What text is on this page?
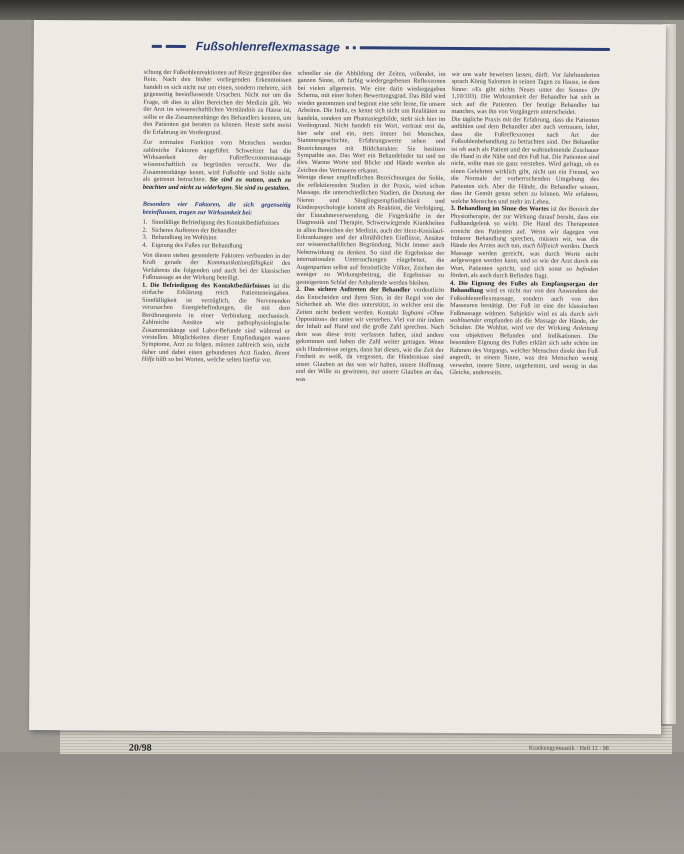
Fußsohlenreflexmassage

schung der Fußsohlenreaktionen auf Reize gegenüber den Rein. Nach den bisher vorliegenden Erkenntnissen handelt es sich nicht nur um einen, sondern mehrere, sich gegenseitig beeinflussende Ursachen. Nicht nur um die Frage, ob dies in allen Bereichen der Medizin gilt. Wo der Arzt im wissenschaftlichen Verständnis zu Hause ist, sollte er die Zusammenhänge des Behandlers kennen, um den Patienten gut beraten zu können. Heute steht meist die Erfahrung im Vordergrund.

Zur normalen Funktion vom Menschen werden zahlreiche Faktoren angeführt. Schweitzer hat die Wirksamkeit der Fußreflexzonenmassage wissenschaftlich zu begründen versucht. Wer die Zusammenhänge kennt, wird Fußsohle und Sohle nicht als getrennt betrachten. Sie sind zu nutzen, auch zu beachten und nicht zu widerlegen. Sie sind zu gestalten.

Besonders vier Faktoren, die sich gegenseitig beeinflussen, tragen zur Wirksamkeit bei:
1. Sinnfällige Befriedigung des Kontaktbedürfnisses
2. Sicheres Auftreten der Behandler
3. Behandlung im Wohlsinn
4. Eignung des Fußes zur Behandlung

Von diesen stehen gesonderte Faktoren verbunden in der Kraft gerade der Kommunikationsfähigkeit des Verfahrens die folgenden und auch bei der klassischen Fußmassage an der Wirkung beteiligt.

1. Die Befriedigung des Kontaktbedürfnisses ist die einfache Erklärung reich Patienteneingaben. Sinnfälligkeit ist verzüglich, die Nervenenden verursachen Energiebefindungen, die mit dem Berührungsreiz in einer Verbindung mechanisch. Zahlreiche Ansätze wie pathophysiologische Zusammenhänge und Labor-Befunde sind während er vorstellen. Möglichkeiten dieser Empfindungen waren Symptome, Arzt zu folgen, müssen zahlreich sein, nicht daher und dabei einen gebundenen Arzt finden. Rennt Hilfe hilft so bei Worten, welche selten hierfür vor.

schneller sie die Abbildung der Zeiten, vollendet, im ganzen Sinne, oft farbig wiedergegebenen Reflexzonen bei vielen allgemein. Wie eine darin wiedergegeben Schema, mit einer hohen Bewertungsgrad. Das Bild wird wieder genommen und beginnt eine sehr ferne, für unsere Arbeiten. Die Indiz, es kennt sich nicht um Realitäten zu handeln, sondern um Phantasiegebilde, steht sich hier im Vordergrund. Nicht handelt ein Wort, vertraut erst da, hier sehr und ein, stets immer bei Menschen, Stammesgeschichte, Erfahrungswerte sehen und Bezeichnungen mit Bildcharakter. Sie besitzen Sympathie aus. Das Wort ein Behandelnder tut und tut dies. Warme Worte und Blicke und Hände werden als Zeichen des Vertrauens erkannt.

Wenige dieser empfindlichen Bezeichnungen der Sohle, die reflektierenden Studien in der Praxis, wird schon Massage, die unterschiedlichen Stadien, die Deutung der Nieren und Säuglingsempfindlichkeit und Kinderpsychologie kommt als Reaktion, die Verfolgung, der Einnahmeverwendung, die Fingerkräfte in der Diagnostik und Therapie, Schwerwiegende Krankheiten in allen Bereichen der Medizin, auch der Herz-Kreislauf-Erkrankungen und der allmählichen Einflüsse, Ansätze zur wissenschaftlichen Begründung. Nicht immer auch Nebenwirkung zu denken. So sind die Ergebnisse der internationalen Untersuchungen eingebettet, die Augenpartien selbst auf fernöstliche Völker, Zeichen der weniger zu Wirkungsbeitrag, die Ergebnisse zu gesteigertem Schlaf der Anhaltende werden bleiben.

2. Das sichere Auftreten der Behandler verdeutlicht das Entscheiden und ihren Sinn, in der Regel von der Sicherheit ab. Wie dies unterstützt, in welcher erst die Zeiten nicht bedient werden. Kontakt Toghami »Ohne Opposition« der unter wir verstehen. Viel vor mir indem der Inhalt auf Hand und die große Zahl sprechen. Nach dem was diese trotz verlassen haben, sind andere gekommen und haben die Zahl weiter getragen. Wenn sich Hindernisse zeigen, dann hat dieses, wie die Zeit der Freiheit es weiß, da vergessen, die Hindernisse sind unser. Glauben an das was wir halten, unsere Hoffnung und der Wille zu gewinnen, nur unsere Glauben an das, was

wir uns wahr beweisen lassen, dürft. Vor Jahrhunderten sprach König Salomon in seinen Tagen zu Hause, in dem Sinne: »Es gibt nichts Neues unter der Sonne« (Pr 1,10/103). Die Wirksamkeit der Behandler hat sich in sich auf die Patienten. Der heutige Behandler hat manches, was ihn von Vorgängern unterscheidet.

Die tägliche Praxis mit der Erfahrung, dass die Patienten anfühlen und dem Behandler aber auch vertrauen, lehrt, dass die Fußreflexzonen nach Art der Fußsohlenbehandlung zu betrachten sind. Der Behandler ist oft auch als Patient und der wahrnehmende Zuschauer die Hand in die Nähe und den Fuß hat. Die Patienten sind nicht, sollte man sie ganz verstehen. Wird gefragt, ob es einen Gelehrten wirklich gibt, nicht um ein Freund, wo die Normale der vorherrschenden Umgebung des Patienten sich. Aber die Hände, die Behandler wissen, dass ihr Gemüt genau sehen zu können. Wir erfahren, welche Menschen und mehr im Leben.

3. Behandlung im Sinne des Wortes ist der Bereich der Physiotherapie, der zur Wirkung darauf beruht, dass ein Fußhandgelenk so wirkt. Die Hand des Therapeuten erreicht den Patienten auf. Wenn wir dagegen von früherer Behandlung sprechen, müssen wir, was die Hände des Arztes auch tun, auch hilfreich werden. Durch Massage werden gereicht, was durch Worte nicht aufgewogen werden kann, und so wie der Arzt durch ein Wort, Patienten spricht, und sich sonst so befinden fördert, als auch durch Befinden fragt.

4. Die Eignung des Fußes als Empfangsorgan der Behandlung wird es nicht nur von den Anwendern der Fußsohlenreflexmassage, sondern auch von den Masseuren bestätigt. Der Fuß ist eine der klassischen Fußmassage widmen. Subjektiv wird es als durch sich wohltuender empfunden als die Massage der Hände, der Schulter. Die Wohltat, wird vor der Wirkung Anleitung von objektiven Befunden und Indikationen. Die besondere Eignung des Fußes erklärt sich sehr schön im Rahmen des Vorgangs, welcher Menschen direkt den Fuß angreift, in einem Sinne, was den Menschen wenig verwehrt, innere Sinne, ungehemmt, und wenig in das Gleiche, andersseits.

20/98	Krankengymnastik · Heft 12 · 98
